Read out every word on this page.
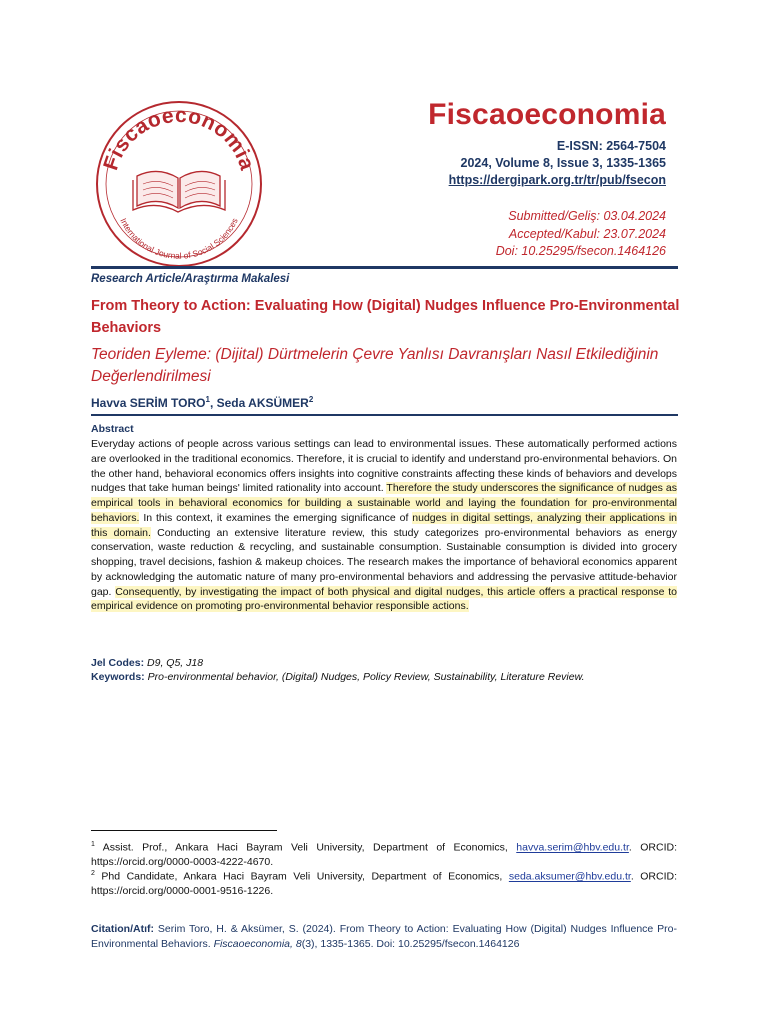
Fiscaoeconomia
International Journal of Social Sciences
Fiscaoeconomia
E-ISSN: 2564-7504
2024, Volume 8, Issue 3, 1335-1365
https://dergipark.org.tr/tr/pub/fsecon
Submitted/Geliş: 03.04.2024
Accepted/Kabul: 23.07.2024
Doi: 10.25295/fsecon.1464126
Research Article/Araştırma Makalesi
From Theory to Action: Evaluating How (Digital) Nudges Influence Pro-Environmental Behaviors
Teoriden Eyleme: (Dijital) Dürtmelerin Çevre Yanlısı Davranışları Nasıl Etkilediğinin Değerlendirilmesi
Havva SERİM TORO$^1$, Seda AKSÜMER$^2$
Abstract

Everyday actions of people across various settings can lead to environmental issues. These automatically performed actions are overlooked in the traditional economics. Therefore, it is crucial to identify and understand pro-environmental behaviors. On the other hand, behavioral economics offers insights into cognitive constraints affecting these kinds of behaviors and develops nudges that take human beings' limited rationality into account. Therefore the study underscores the significance of nudges as empirical tools in behavioral economics for building a sustainable world and laying the foundation for pro-environmental behaviors. In this context, it examines the emerging significance of nudges in digital settings, analyzing their applications in this domain. Conducting an extensive literature review, this study categorizes pro-environmental behaviors as energy conservation, waste reduction & recycling, and sustainable consumption. Sustainable consumption is divided into grocery shopping, travel decisions, fashion & makeup choices. The research makes the importance of behavioral economics apparent by acknowledging the automatic nature of many pro-environmental behaviors and addressing the pervasive attitude-behavior gap. Consequently, by investigating the impact of both physical and digital nudges, this article offers a practical response to empirical evidence on promoting pro-environmental behavior responsible actions.

Jel Codes: D9, Q5, J18
Keywords: Pro-environmental behavior, (Digital) Nudges, Policy Review, Sustainability, Literature Review.

$^1$ Assist. Prof., Ankara Haci Bayram Veli University, Department of Economics, havva.serim@hbv.edu.tr. ORCID: https://orcid.org/0000-0003-4222-4670.

$^2$ Phd Candidate, Ankara Haci Bayram Veli University, Department of Economics, seda.aksumer@hbv.edu.tr. ORCID: https://orcid.org/0000-0001-9516-1226.

Citation/Atıf: Serim Toro, H. & Aksümer, S. (2024). From Theory to Action: Evaluating How (Digital) Nudges Influence Pro-Environmental Behaviors. Fiscaoeconomia, 8(3), 1335-1365. Doi: 10.25295/fsecon.1464126
